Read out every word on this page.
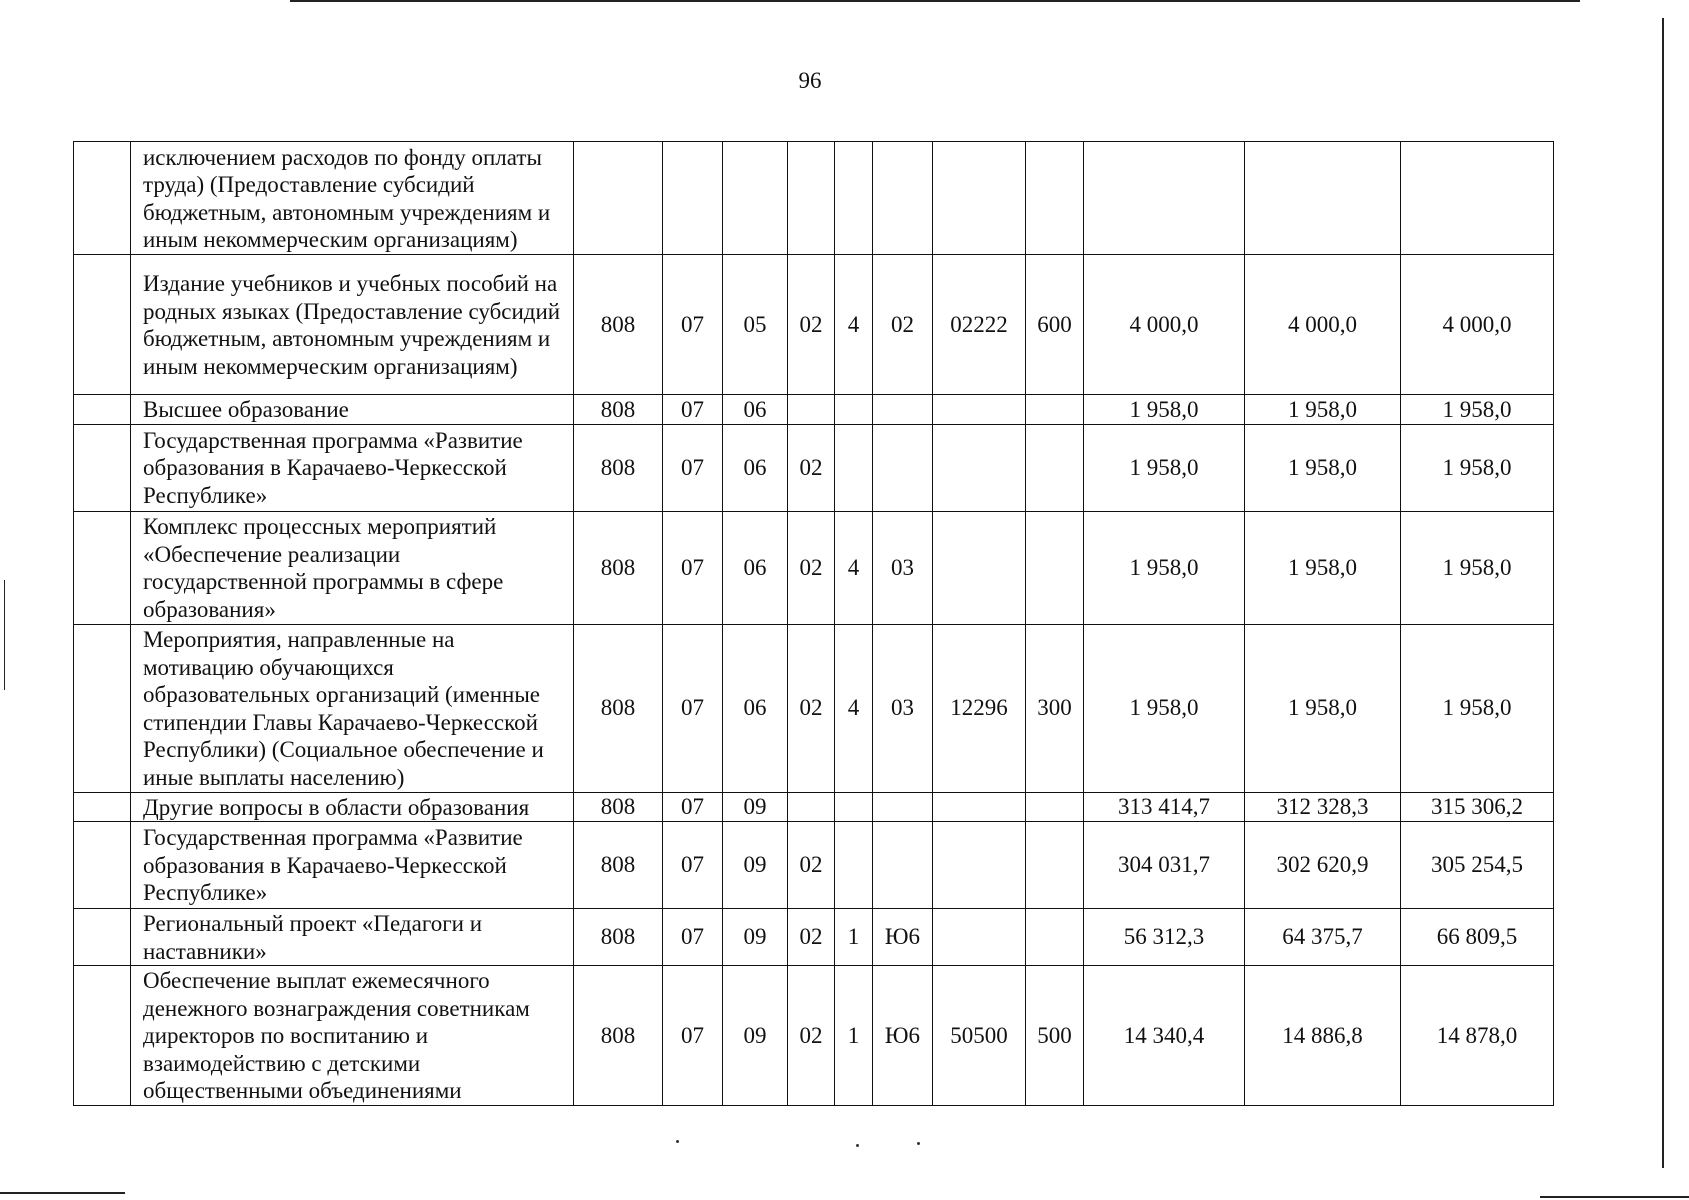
96
	исключением расходов по фонду оплаты труда) (Предоставление субсидий бюджетным, автономным учреждениям и иным некоммерческим организациям)											
	Издание учебников и учебных пособий на родных языках (Предоставление субсидий бюджетным, автономным учреждениям и иным некоммерческим организациям)	808	07	05	02	4	02	02222	600	4 000,0	4 000,0	4 000,0
	Высшее образование	808	07	06						1 958,0	1 958,0	1 958,0
	Государственная программа «Развитие образования в Карачаево-Черкесской Республике»	808	07	06	02					1 958,0	1 958,0	1 958,0
	Комплекс процессных мероприятий «Обеспечение реализации государственной программы в сфере образования»	808	07	06	02	4	03			1 958,0	1 958,0	1 958,0
	Мероприятия, направленные на мотивацию обучающихся образовательных организаций (именные стипендии Главы Карачаево-Черкесской Республики) (Социальное обеспечение и иные выплаты населению)	808	07	06	02	4	03	12296	300	1 958,0	1 958,0	1 958,0
	Другие вопросы в области образования	808	07	09						313 414,7	312 328,3	315 306,2
	Государственная программа «Развитие образования в Карачаево-Черкесской Республике»	808	07	09	02					304 031,7	302 620,9	305 254,5
	Региональный проект «Педагоги и наставники»	808	07	09	02	1	Ю6			56 312,3	64 375,7	66 809,5
	Обеспечение выплат ежемесячного денежного вознаграждения советникам директоров по воспитанию и взаимодействию с детскими общественными объединениями	808	07	09	02	1	Ю6	50500	500	14 340,4	14 886,8	14 878,0
